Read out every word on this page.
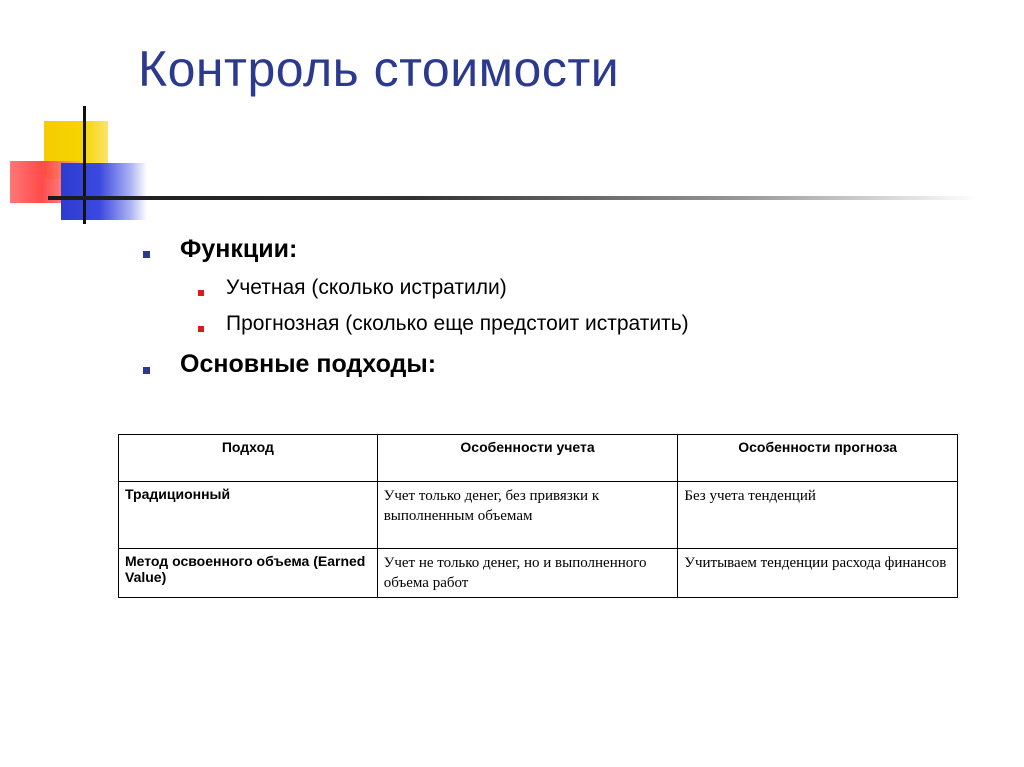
Контроль стоимости
Функции:
Учетная (сколько истратили)
Прогнозная (сколько еще предстоит истратить)
Основные подходы:
Подход	Особенности учета	Особенности прогноза
Традиционный	Учет только денег, без привязки к выполненным объемам	Без учета тенденций
Метод освоенного объема (Earned Value)	Учет не только денег, но и выполненного объема работ	Учитываем тенденции расхода финансов
